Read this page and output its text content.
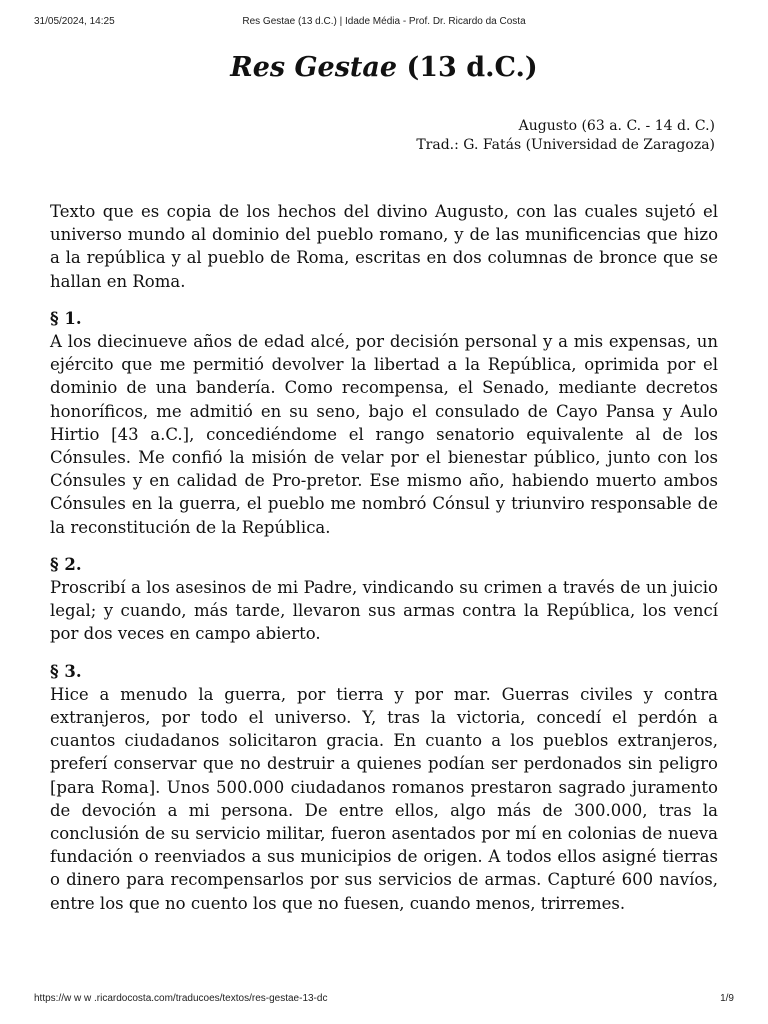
31/05/2024, 14:25	Res Gestae (13 d.C.) | Idade Média - Prof. Dr. Ricardo da Costa
Res Gestae (13 d.C.)
Augusto (63 a. C. - 14 d. C.)
Trad.: G. Fatás (Universidad de Zaragoza)

Texto que es copia de los hechos del divino Augusto, con las cuales sujetó el universo mundo al dominio del pueblo romano, y de las munificencias que hizo a la república y al pueblo de Roma, escritas en dos columnas de bronce que se hallan en Roma.

§ 1.

A los diecinueve años de edad alcé, por decisión personal y a mis expensas, un ejército que me permitió devolver la libertad a la República, oprimida por el dominio de una bandería. Como recompensa, el Senado, mediante decretos honoríficos, me admitió en su seno, bajo el consulado de Cayo Pansa y Aulo Hirtio [43 a.C.], concediéndome el rango senatorio equivalente al de los Cónsules. Me confió la misión de velar por el bienestar público, junto con los Cónsules y en calidad de Pro-pretor. Ese mismo año, habiendo muerto ambos Cónsules en la guerra, el pueblo me nombró Cónsul y triunviro responsable de la reconstitución de la República.

§ 2.

Proscribí a los asesinos de mi Padre, vindicando su crimen a través de un juicio legal; y cuando, más tarde, llevaron sus armas contra la República, los vencí por dos veces en campo abierto.

§ 3.

Hice a menudo la guerra, por tierra y por mar. Guerras civiles y contra extranjeros, por todo el universo. Y, tras la victoria, concedí el perdón a cuantos ciudadanos solicitaron gracia. En cuanto a los pueblos extranjeros, preferí conservar que no destruir a quienes podían ser perdonados sin peligro [para Roma]. Unos 500.000 ciudadanos romanos prestaron sagrado juramento de devoción a mi persona. De entre ellos, algo más de 300.000, tras la conclusión de su servicio militar, fueron asentados por mí en colonias de nueva fundación o reenviados a sus municipios de origen. A todos ellos asigné tierras o dinero para recompensarlos por sus servicios de armas. Capturé 600 navíos, entre los que no cuento los que no fuesen, cuando menos, trirremes.

https://w w w .ricardocosta.com/traducoes/textos/res-gestae-13-dc	1/9
